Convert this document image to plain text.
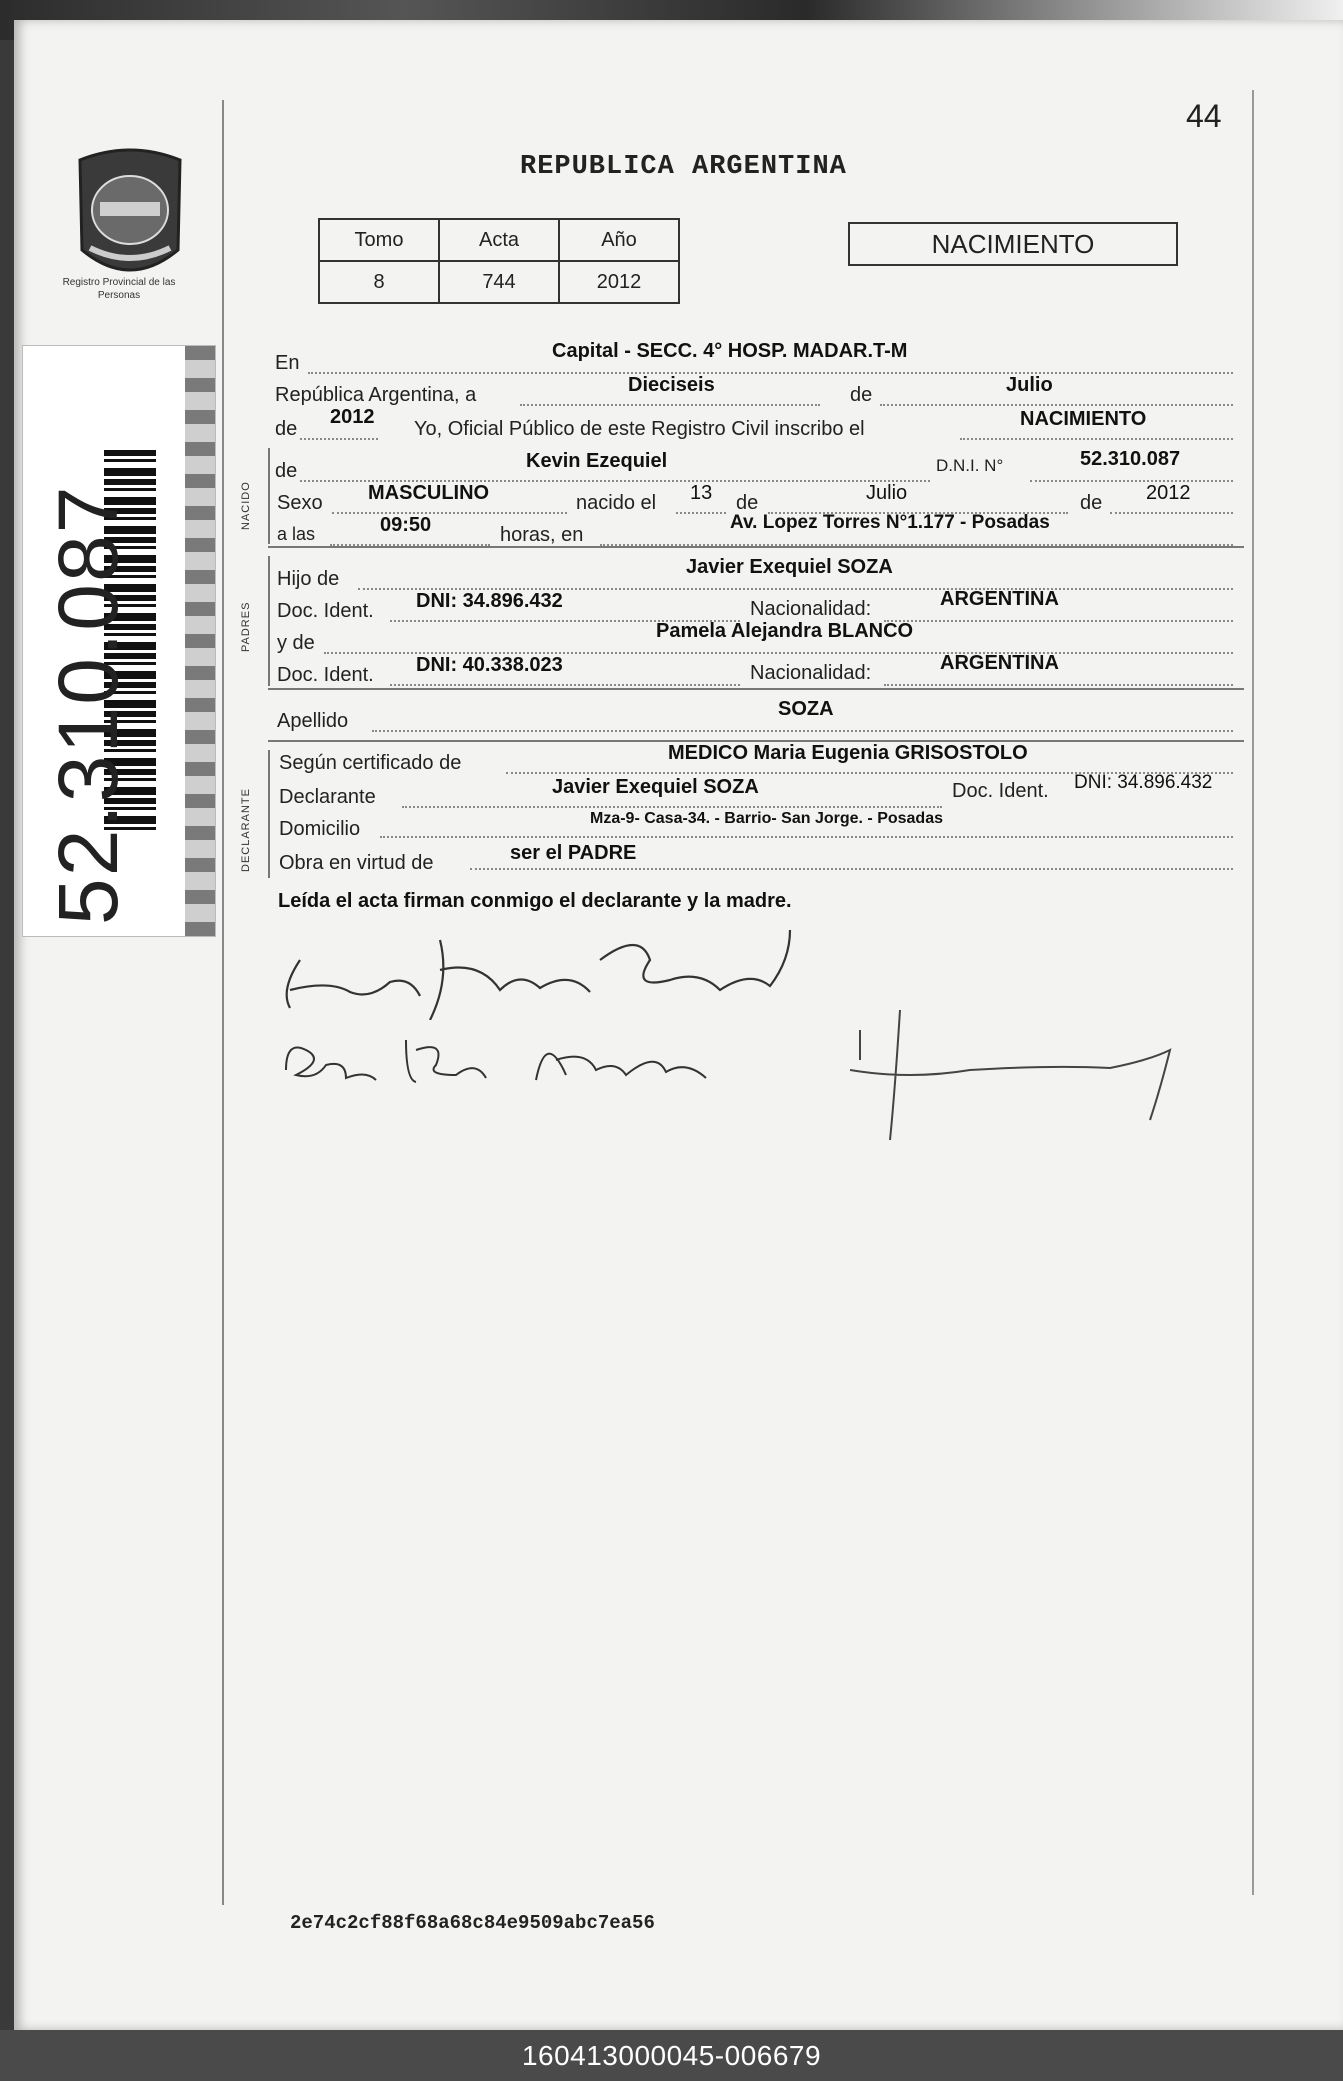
Registro Provincial de las Personas
52.310.087
44
REPUBLICA ARGENTINA
Tomo	Acta	Año
8	744	2012
NACIMIENTO
En
Capital - SECC. 4° HOSP. MADAR.T-M
República Argentina, a	Dieciseis	de	Julio
de
2012
Yo, Oficial Público de este Registro Civil inscribo el	NACIMIENTO
NACIDO
de	Kevin Ezequiel	D.N.I. N°	52.310.087
Sexo MASCULINO	nacido el 13 de	Julio	de 2012
a las	09:50	horas, en
Av. Lopez Torres N°1.177 - Posadas
PADRES
Hijo de
Javier Exequiel SOZA
Doc. Ident. DNI: 34.896.432	Nacionalidad:	ARGENTINA
y de
Pamela Alejandra BLANCO
Doc. Ident. DNI: 40.338.023	Nacionalidad:	ARGENTINA
Apellido
SOZA
DECLARANTE
Según certificado de	MEDICO Maria Eugenia GRISOSTOLO
Declarante	Javier Exequiel SOZA	Doc. Ident. DNI: 34.896.432
Domicilio	Mza-9- Casa-34. - Barrio- San Jorge. - Posadas
Obra en virtud de	ser el PADRE
Leída el acta firman conmigo el declarante y la madre.
2e74c2cf88f68a68c84e9509abc7ea56
160413000045-006679
